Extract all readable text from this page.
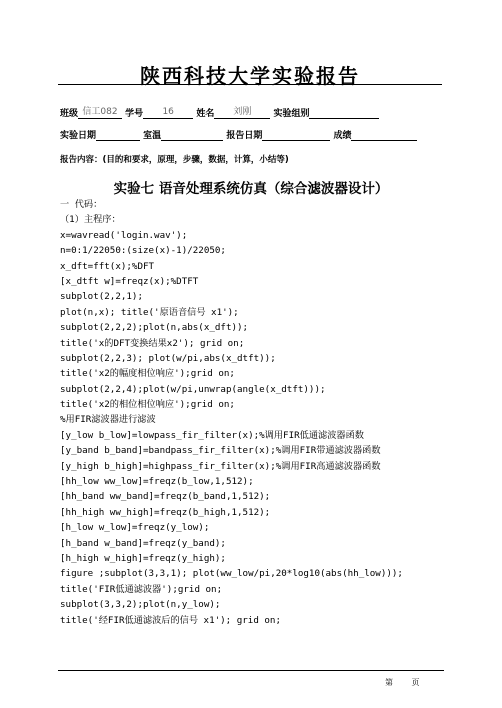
陕西科技大学实验报告
班级 信工082 学号 16 姓名 刘刚 实验组别
实验日期	室温	报告日期	成绩
报告内容：(目的和要求，原理，步骤，数据，计算，小结等)
实验七 语音处理系统仿真（综合滤波器设计）
一 代码：
（1）主程序：
x=wavread('login.wav');
n=0:1/22050:(size(x)-1)/22050;
x_dft=fft(x);%DFT
[x_dtft w]=freqz(x);%DTFT
subplot(2,2,1);
plot(n,x); title('原语音信号 x1');
subplot(2,2,2);plot(n,abs(x_dft));
title('x的DFT变换结果x2'); grid on;
subplot(2,2,3); plot(w/pi,abs(x_dtft));
title('x2的幅度相位响应');grid on;
subplot(2,2,4);plot(w/pi,unwrap(angle(x_dtft)));
title('x2的相位相位响应');grid on;
%用FIR滤波器进行滤波
[y_low b_low]=lowpass_fir_filter(x);%调用FIR低通滤波器函数
[y_band b_band]=bandpass_fir_filter(x);%调用FIR带通滤波器函数
[y_high b_high]=highpass_fir_filter(x);%调用FIR高通滤波器函数
[hh_low ww_low]=freqz(b_low,1,512);
[hh_band ww_band]=freqz(b_band,1,512);
[hh_high ww_high]=freqz(b_high,1,512);
[h_low w_low]=freqz(y_low);
[h_band w_band]=freqz(y_band);
[h_high w_high]=freqz(y_high);
figure ;subplot(3,3,1); plot(ww_low/pi,20*log10(abs(hh_low)));
title('FIR低通滤波器');grid on;
subplot(3,3,2);plot(n,y_low);
title('经FIR低通滤波后的信号 x1'); grid on;
第 页
